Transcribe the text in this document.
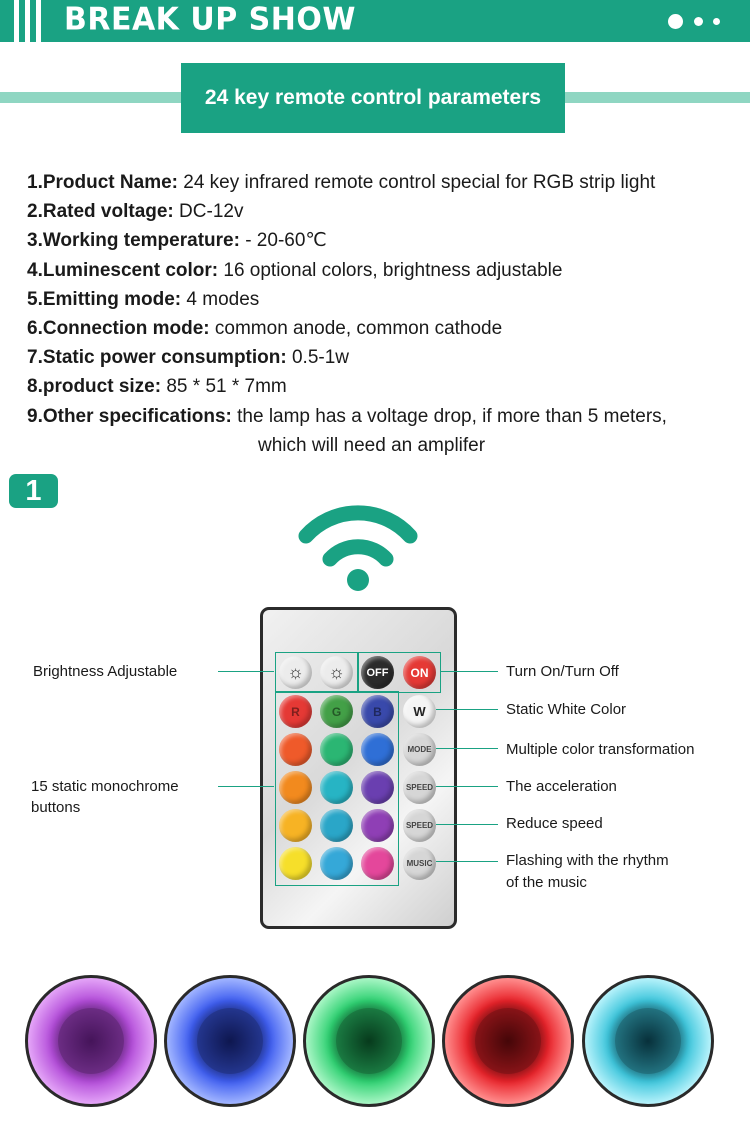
BREAK UP SHOW
24 key remote control parameters
1.Product Name: 24 key infrared remote control special for RGB strip light
2.Rated voltage: DC-12v
3.Working temperature: - 20-60℃
4.Luminescent color: 16 optional colors, brightness adjustable
5.Emitting mode: 4 modes
6.Connection mode: common anode, common cathode
7.Static power consumption: 0.5-1w
8.product size: 85 * 51 * 7mm
9.Other specifications: the lamp has a voltage drop, if more than 5 meters,
which will need an amplifer
1
☼ ☼	OFF	ON
R	G	B	W
MODE
SPEED
SPEED
MUSIC
Brightness Adjustable
15 static monochrome
buttons
Turn On/Turn Off
Static White Color
Multiple color transformation
The acceleration
Reduce speed
Flashing with the rhythm
of the music
